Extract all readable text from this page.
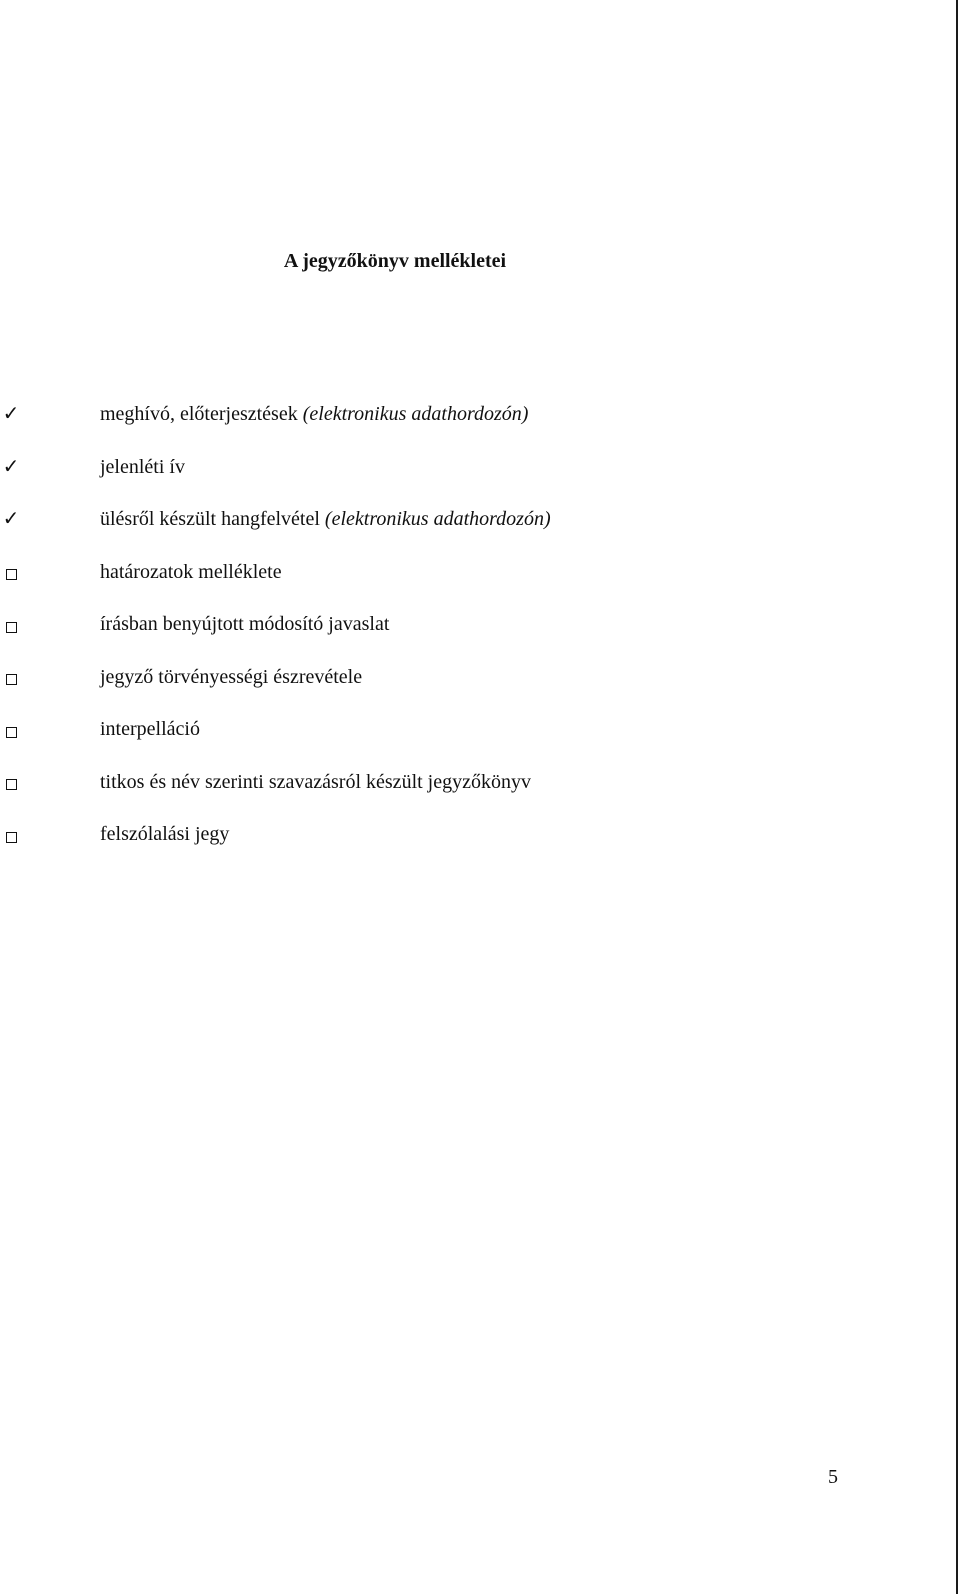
A jegyzőkönyv mellékletei
✓	meghívó, előterjesztések (elektronikus adathordozón)
✓	jelenléti ív
✓	ülésről készült hangfelvétel (elektronikus adathordozón)
határozatok melléklete
írásban benyújtott módosító javaslat
jegyző törvényességi észrevétele
interpelláció
titkos és név szerinti szavazásról készült jegyzőkönyv
felszólalási jegy
5
